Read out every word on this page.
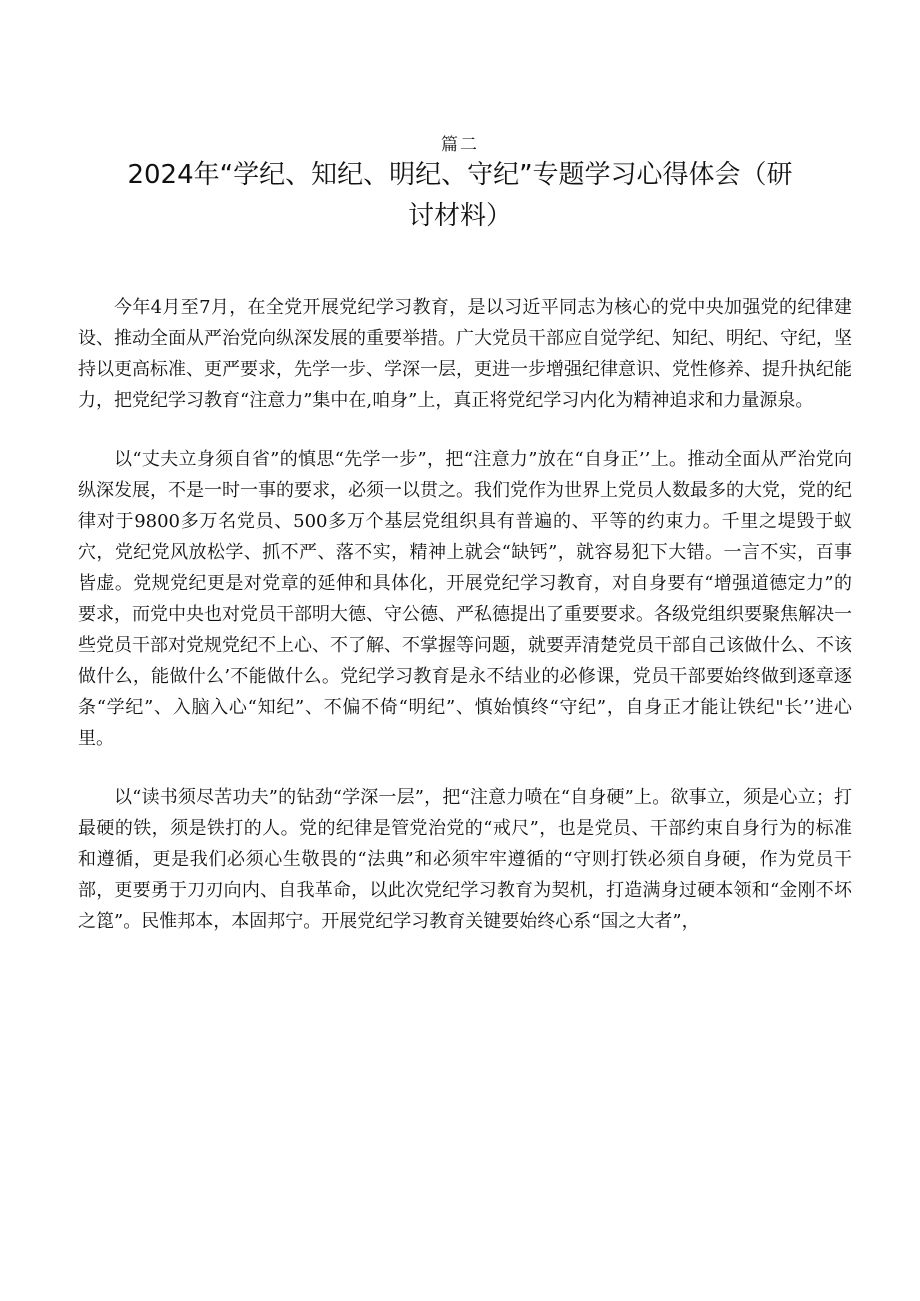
篇二
2024年“学纪、知纪、明纪、守纪”专题学习心得体会（研讨材料）

今年4月至7月，在全党开展党纪学习教育，是以习近平同志为核心的党中央加强党的纪律建设、推动全面从严治党向纵深发展的重要举措。广大党员干部应自觉学纪、知纪、明纪、守纪，坚持以更高标准、更严要求，先学一步、学深一层，更进一步增强纪律意识、党性修养、提升执纪能力，把党纪学习教育“注意力”集中在,咱身”上，真正将党纪学习内化为精神追求和力量源泉。

以“丈夫立身须自省”的慎思“先学一步”，把“注意力”放在“自身正’’上。推动全面从严治党向纵深发展，不是一时一事的要求，必须一以贯之。我们党作为世界上党员人数最多的大党，党的纪律对于9800多万名党员、500多万个基层党组织具有普遍的、平等的约束力。千里之堤毁于蚁穴，党纪党风放松学、抓不严、落不实，精神上就会“缺钙”，就容易犯下大错。一言不实，百事皆虚。党规党纪更是对党章的延伸和具体化，开展党纪学习教育，对自身要有“增强道德定力”的要求，而党中央也对党员干部明大德、守公德、严私德提出了重要要求。各级党组织要聚焦解决一些党员干部对党规党纪不上心、不了解、不掌握等问题，就要弄清楚党员干部自己该做什么、不该做什么，能做什么’不能做什么。党纪学习教育是永不结业的必修课，党员干部要始终做到逐章逐条“学纪”、入脑入心“知纪”、不偏不倚“明纪”、慎始慎终“守纪”，自身正才能让铁纪"长’’进心里。

以“读书须尽苦功夫”的钻劲“学深一层”，把“注意力喷在“自身硬”上。欲事立，须是心立；打最硬的铁，须是铁打的人。党的纪律是管党治党的“戒尺”，也是党员、干部约束自身行为的标准和遵循，更是我们必须心生敬畏的“法典”和必须牢牢遵循的“守则打铁必须自身硬，作为党员干部，更要勇于刀刃向内、自我革命，以此次党纪学习教育为契机，打造满身过硬本领和“金刚不坏之箆”。民惟邦本，本固邦宁。开展党纪学习教育关键要始终心系“国之大者”，
